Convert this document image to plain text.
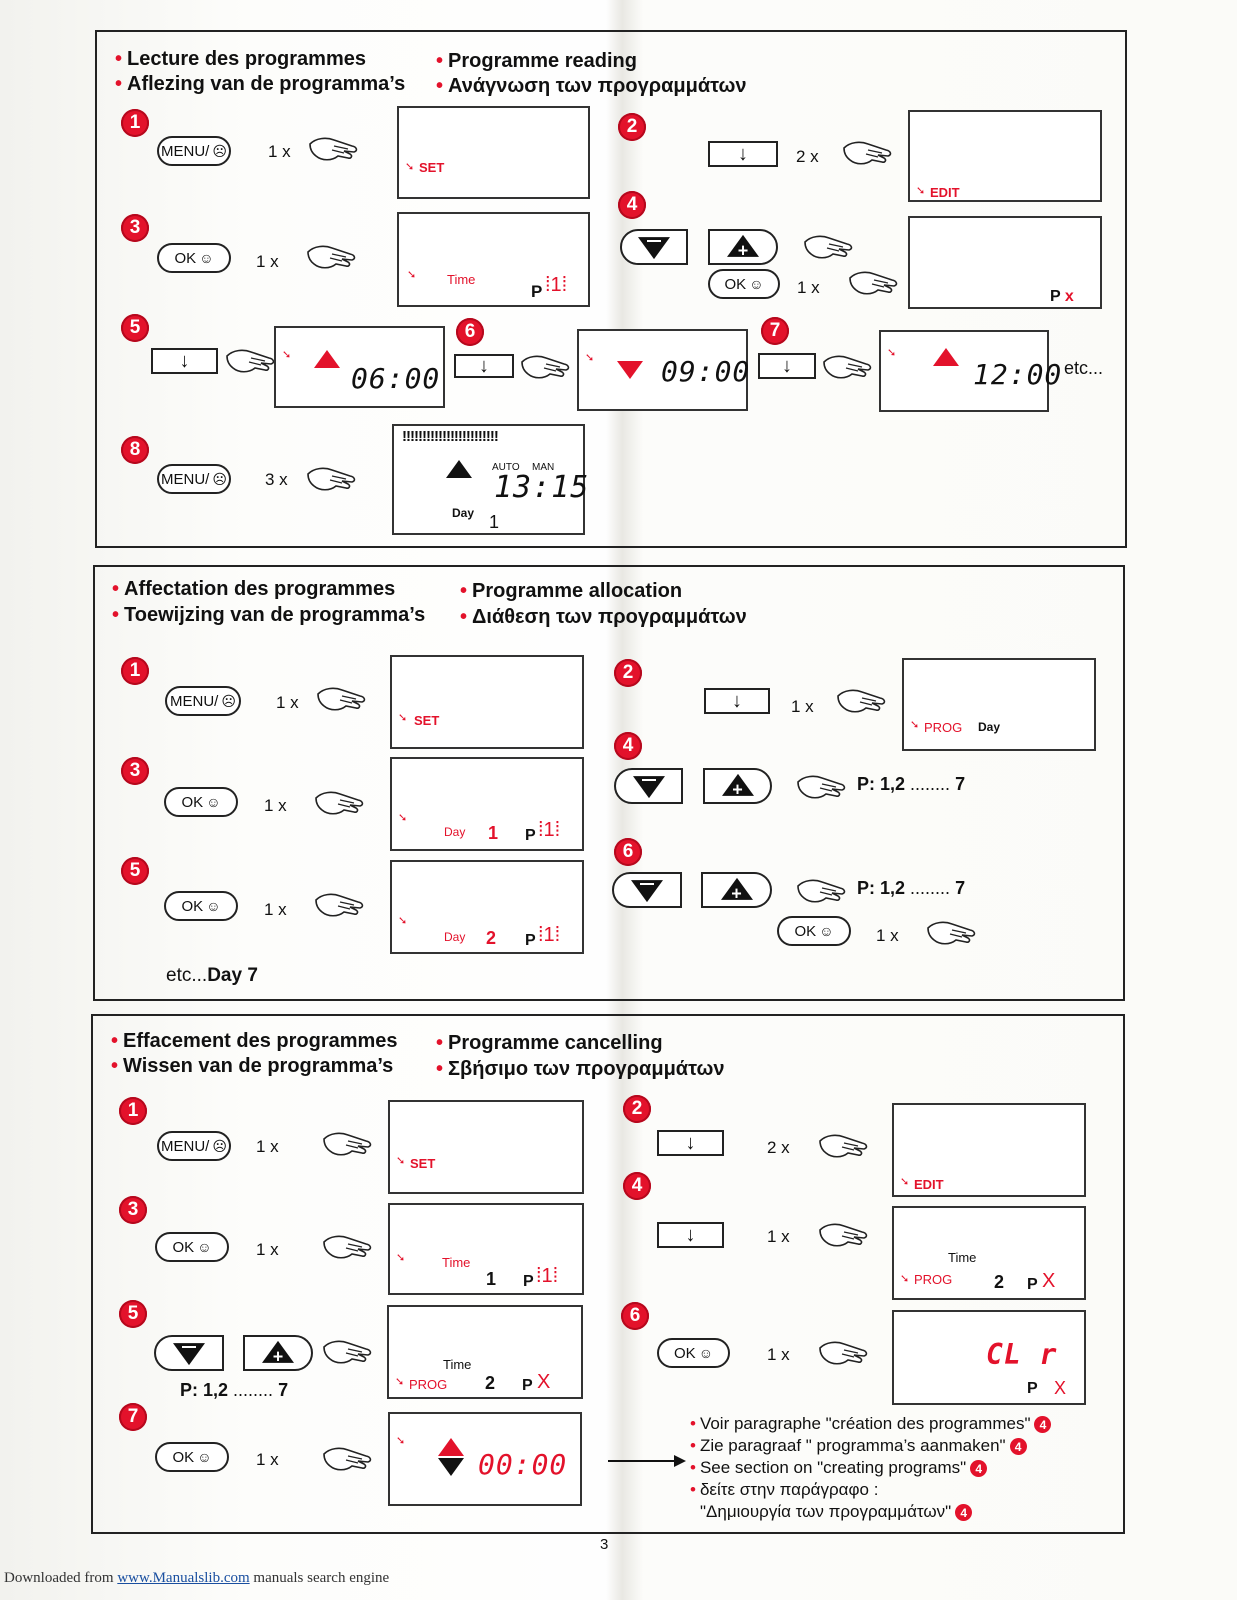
• Lecture des programmes
• Aflezing van de programma’s
• Programme reading
• Ανάγνωση των προγραμμάτων
1
MENU/ ☹ 1 x
➘ SET
2
↓	2 x
➘ EDIT
3
OK ☺	1 x
➘ Time
P ⁞1⁞
4
+
OK ☺ 1 x	P x
5
↓	➘
06:00
6
↓	➘ 09:00
7
↓
➘
12:00 etc...
8
MENU/ ☹ 3 x
!!!!!!!!!!!!!!!!!!!!!!!!
AUTO MAN
13:15
Day 1
• Affectation des programmes
• Toewijzing van de programma’s
• Programme allocation
• Διάθεση των προγραμμάτων
1
MENU/ ☹ 1 x
➘ SET
2
↓	1 x
➘ PROG Day
3
OK ☺	1 x
➘
Day 1 P ⁞1⁞
4
+	P: 1,2 ........ 7
5
OK ☺	1 x
➘
Day 2 P ⁞1⁞
etc...Day 7
6
+	P: 1,2 ........ 7
OK ☺	1 x
• Effacement des programmes
• Wissen van de programma’s
• Programme cancelling
• Σβήσιμο των προγραμμάτων
1
MENU/ ☹ 1 x
➘ SET
2
↓	2 x
➘ EDIT
3
OK ☺	1 x	➘	Time
1 P ⁞1⁞
4
↓	1 x
Time
➘ PROG 2 P X
5
+
P: 1,2 ........ 7
Time
➘ PROG 2 P X
6
OK ☺	1 x	CL r
P X
7
OK ☺	1 x
➘
00:00
• Voir paragraphe "création des programmes" 4
• Zie paragraaf " programma’s aanmaken" 4
• See section on "creating programs" 4
• δείτε στην παράγραφο :
"Δημιουργία των προγραμμάτων" 4
3
Downloaded from www.Manualslib.com manuals search engine
